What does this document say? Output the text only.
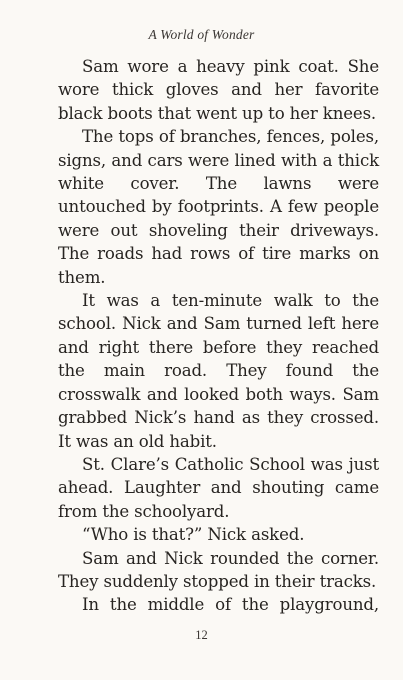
A World of Wonder

Sam wore a heavy pink coat. She wore thick gloves and her favorite black boots that went up to her knees.

The tops of branches, fences, poles, signs, and cars were lined with a thick white cover. The lawns were untouched by footprints. A few people were out shoveling their driveways. The roads had rows of tire marks on them.

It was a ten-minute walk to the school. Nick and Sam turned left here and right there before they reached the main road. They found the crosswalk and looked both ways. Sam grabbed Nick’s hand as they crossed. It was an old habit.

St. Clare’s Catholic School was just ahead. Laughter and shouting came from the schoolyard.

“Who is that?” Nick asked.

Sam and Nick rounded the corner. They suddenly stopped in their tracks.

In the middle of the playground,

12
